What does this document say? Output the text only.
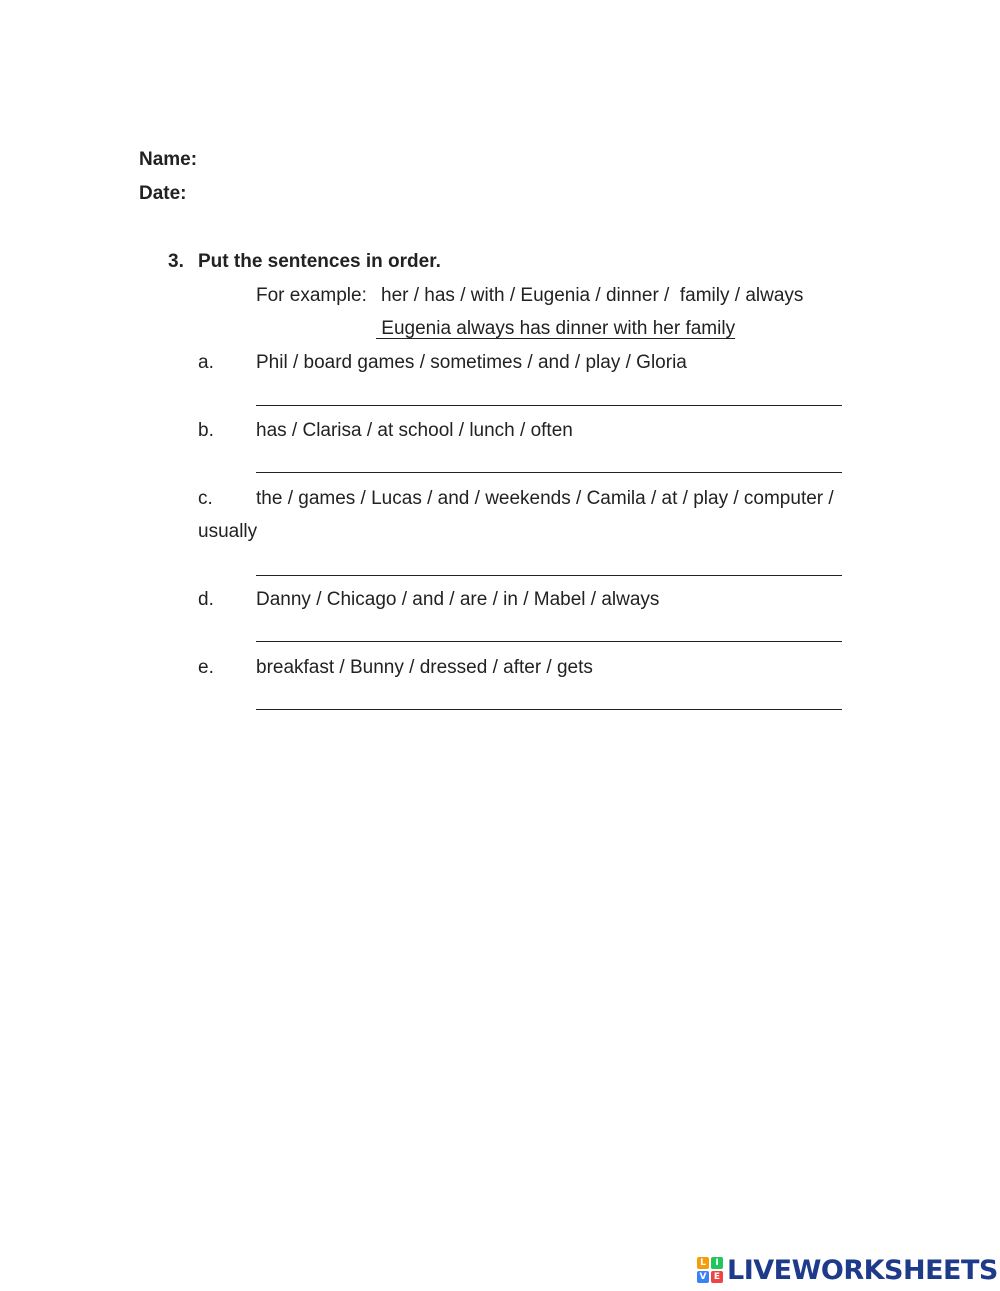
Name:
Date:
3. Put the sentences in order.
For example: her / has / with / Eugenia / dinner /  family / always
Eugenia always has dinner with her family
a. Phil / board games / sometimes / and / play / Gloria
b. has / Clarisa / at school / lunch / often
c. the / games / Lucas / and / weekends / Camila / at / play / computer /
usually
d. Danny / Chicago / and / are / in / Mabel / always
e. breakfast / Bunny / dressed / after / gets
L	I
V E LIVEWORKSHEETS
